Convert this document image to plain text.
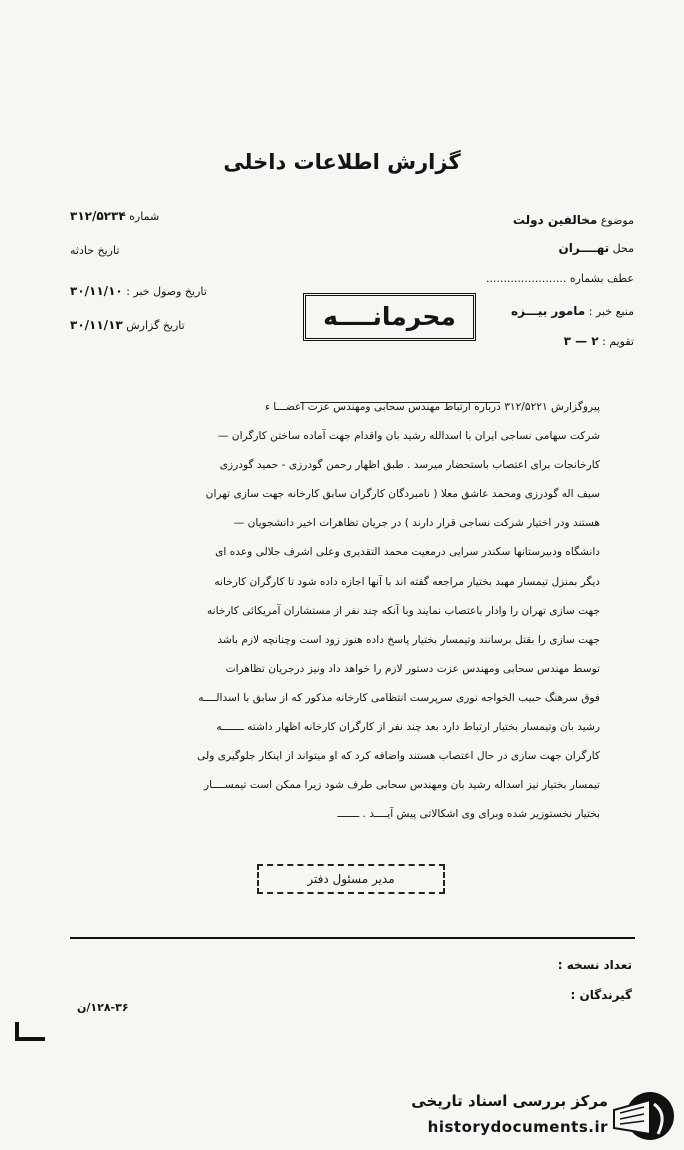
گزارش اطلاعات داخلی
موضوع مخالفین دولت
محل تهــــران
عطف بشماره .......................
منبع خبر : مامور بیـــزه
تقویم : ۲ — ۳
شماره ۳۱۲/۵۲۳۴
تاریخ حادثه
تاریخ وصول خبر : ۳۰/۱۱/۱۰
تاریخ گزارش ۳۰/۱۱/۱۳	محرمانــــه

پیروگزارش ۳۱۲/۵۲۲۱ درباره ارتباط مهندس سحابی ومهندس عزت اعضـــا ء

شرکت سهامی نساجی ایران با اسدالله رشید بان واقدام جهت آماده ساختن کارگران —

کارخانجات برای اعتصاب باستحضار میرسد . طبق اظهار رحمن گودرزی - حمید گودرزی

سیف اله گودرزی ومحمد عاشق معلا ( نامبردگان کارگران سابق کارخانه جهت سازی تهران

هستند ودر اختیار شرکت نساجی قرار دارند ) در جریان تظاهرات اخیر دانشجویان —

دانشگاه ودبیرستانها سکندر سرایی درمعیت محمد التقدیری وعلی اشرف جلالی وعده ای

دیگر بمنزل تیمسار مهبد بختیار مراجعه گفته اند با آنها اجازه داده شود تا کارگران کارخانه

جهت سازی تهران را وادار باعتصاب نمایند وبا آنکه چند نفر از مستشاران آمریکائی کارخانه

جهت سازی را بقتل برسانند وتیمسار بختیار پاسخ داده هنوز زود است وچنانچه لازم باشد

توسط مهندس سحابی ومهندس عزت دستور لازم را خواهد داد ونیز درجریان تظاهرات

فوق سرهنگ حبیب الخواجه نوری سرپرست انتظامی کارخانه مذکور که از سابق با اسدالــــه

رشید بان وتیمسار بختیار ارتباط دارد بعد چند نفر از کارگران کارخانه اظهار داشته ـــــــه

کارگران جهت سازی در حال اعتصاب هستند واضافه کرد که او میتواند از اینکار جلوگیری ولی

تیمسار بختیار نیز اسداله رشید بان ومهندس سحابی طرف شود زیرا ممکن است تیمســــار

بختیار نخستوزیر شده وبرای وی اشکالاتی پیش آیــــد . ـــــــ

مدیر مسئول دفتر
تعداد نسخه :
گیرندگان :
۱۲۸-۳۶/ن
مرکز بررسی اسناد تاریخی
historydocuments.ir
